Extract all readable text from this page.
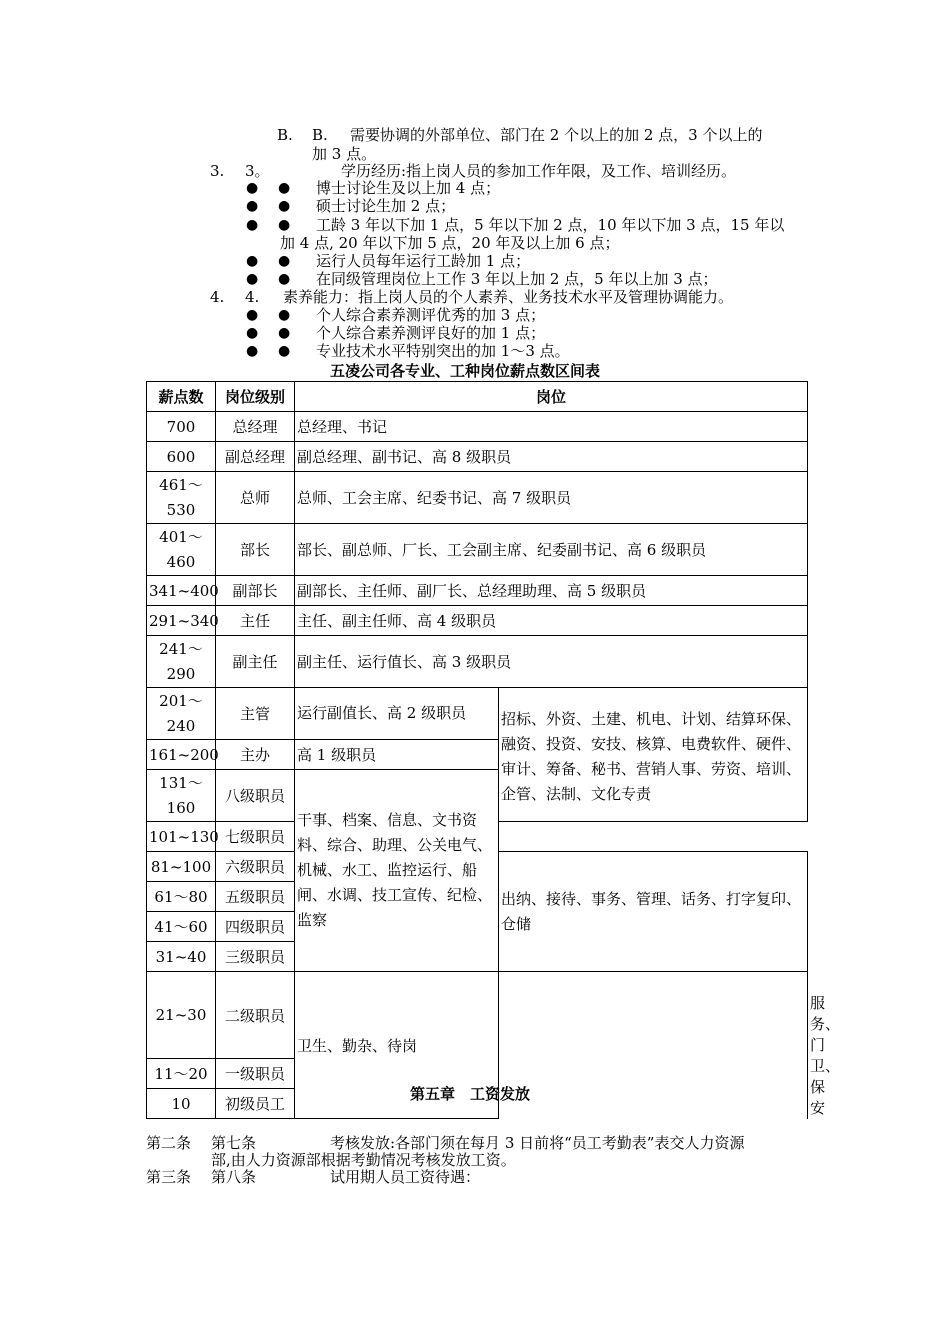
B. B. 需要协调的外部单位、部门在 2 个以上的加 2 点，3 个以上的
加 3 点。
3. 3。	学历经历:指上岗人员的参加工作年限，及工作、培训经历。
● ● 博士讨论生及以上加 4 点；
● ● 硕士讨论生加 2 点；
● ● 工龄 3 年以下加 1 点，5 年以下加 2 点，10 年以下加 3 点，15 年以
加 4 点, 20 年以下加 5 点，20 年及以上加 6 点；
● ● 运行人员每年运行工龄加 1 点；
● ● 在同级管理岗位上工作 3 年以上加 2 点，5 年以上加 3 点；
4. 4. 素养能力：指上岗人员的个人素养、业务技术水平及管理协调能力。
● ● 个人综合素养测评优秀的加 3 点；
● ● 个人综合素养测评良好的加 1 点；
● ● 专业技术水平特别突出的加 1～3 点。
五凌公司各专业、工种岗位薪点数区间表
薪点数	岗位级别	岗位		
700	总经理	总经理、书记		
600	副总经理	副总经理、副书记、高 8 级职员		
461～530	总师	总师、工会主席、纪委书记、高 7 级职员		
401～460	部长	部长、副总师、厂长、工会副主席、纪委副书记、高 6 级职员		
341~400	副部长	副部长、主任师、副厂长、总经理助理、高 5 级职员		
291~340	主任	主任、副主任师、高 4 级职员		
241～290	副主任	副主任、运行值长、高 3 级职员		
201～240	主管	运行副值长、高 2 级职员	招标、外资、土建、机电、计划、结算环保、融资、投资、安技、核算、电费软件、硬件、审计、筹备、秘书、营销人事、劳资、培训、企管、法制、文化专责	
161~200	主办	高 1 级职员		
131～160	八级职员	干事、档案、信息、文书资料、综合、助理、公关电气、机械、水工、监控运行、船闸、水调、技工宣传、纪检、监察		
101~130	七级职员			
81~100	六级职员		出纳、接待、事务、管理、话务、打字复印、仓储	
61～80	五级职员			
41～60	四级职员			
31~40	三级职员			服务、门卫、保安
21~30	二级职员	卫生、勤杂、待岗		
11～20	一级职员			
10	初级员工			
第五章　工资发放
第二条 第七条	考核发放:各部门须在每月 3 日前将“员工考勤表”表交人力资源
部,由人力资源部根据考勤情况考核发放工资。
第三条 第八条	试用期人员工资待遇：
